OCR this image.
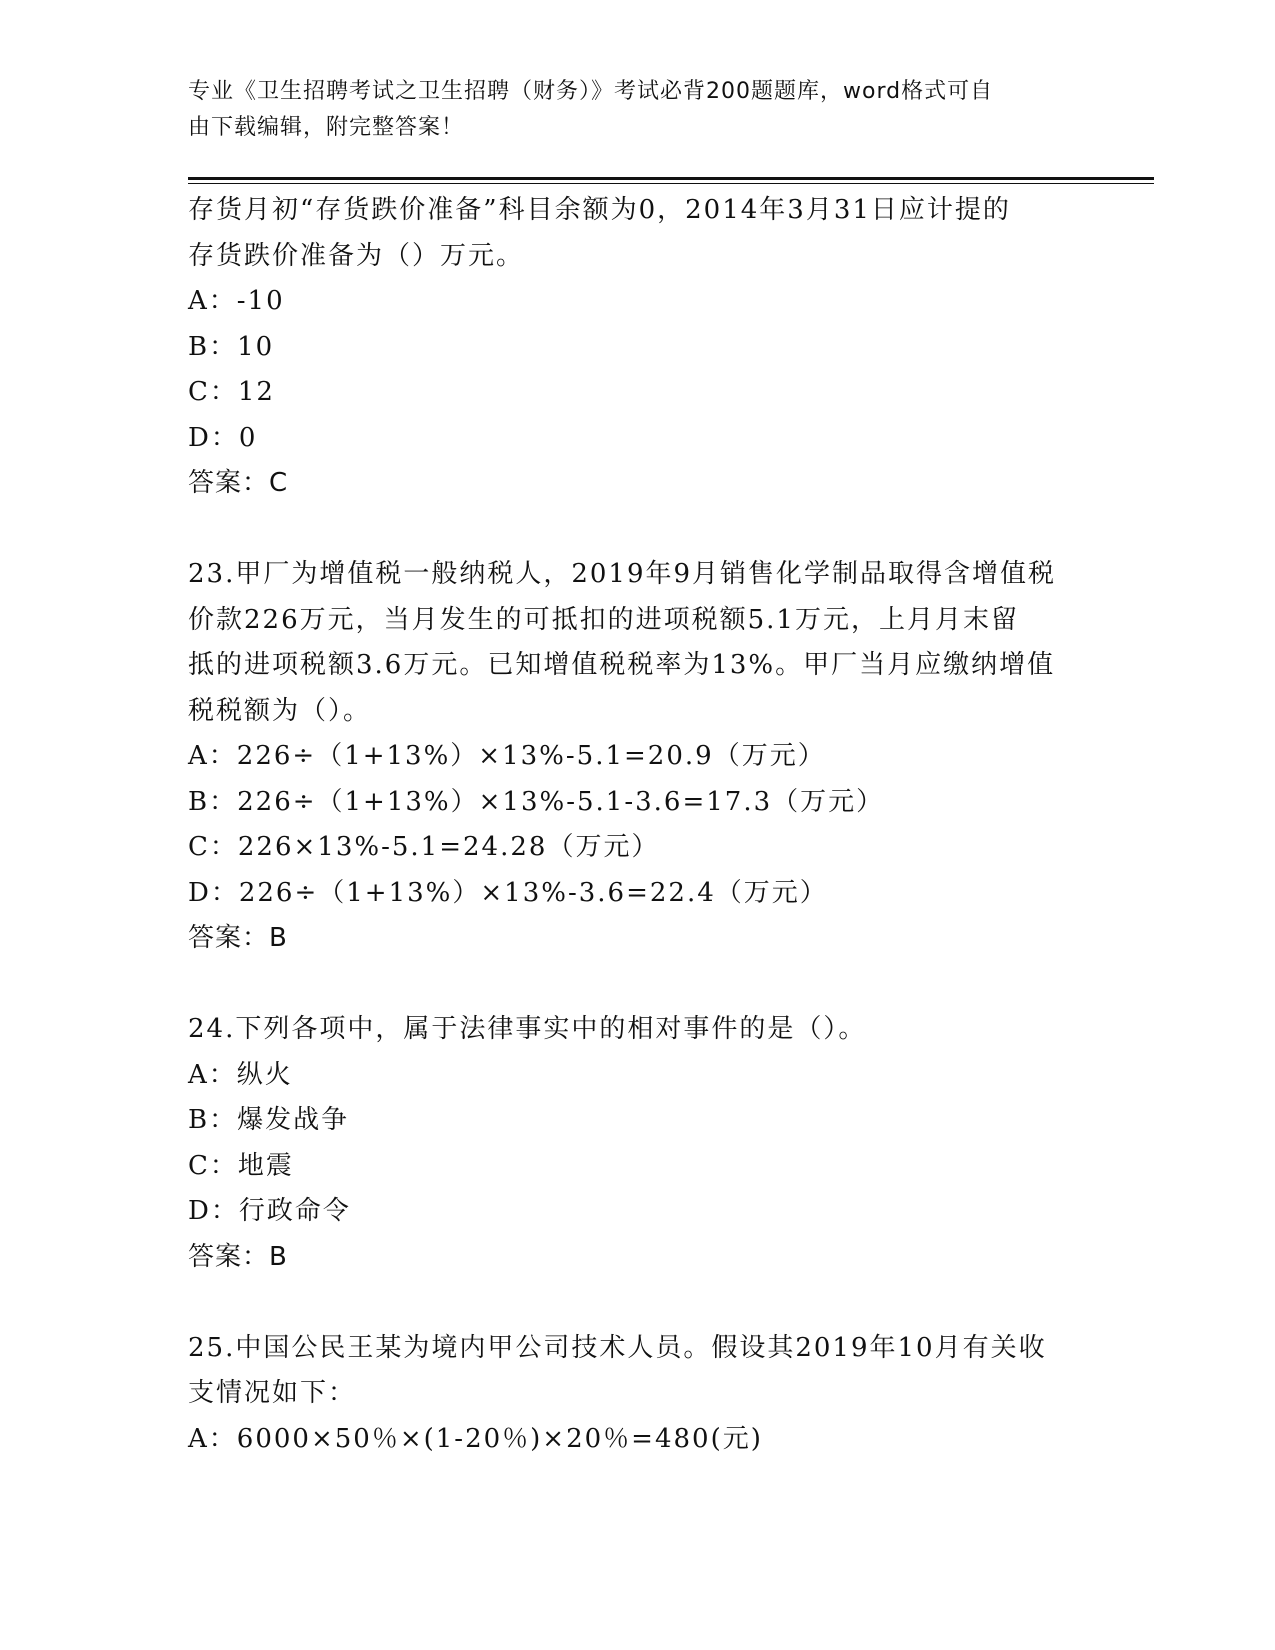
专业《卫生招聘考试之卫生招聘（财务）》考试必背200题题库，word格式可自
由下载编辑，附完整答案！
存货月初“存货跌价准备”科目余额为0，2014年3月31日应计提的
存货跌价准备为（）万元。
A：-10
B：10
C：12
D：0
答案：C
23.甲厂为增值税一般纳税人，2019年9月销售化学制品取得含增值税
价款226万元，当月发生的可抵扣的进项税额5.1万元，上月月末留
抵的进项税额3.6万元。已知增值税税率为13%。甲厂当月应缴纳增值
税税额为（）。
A：226÷（1+13%）×13%-5.1=20.9（万元）
B：226÷（1+13%）×13%-5.1-3.6=17.3（万元）
C：226×13%-5.1=24.28（万元）
D：226÷（1+13%）×13%-3.6=22.4（万元）
答案：B
24.下列各项中，属于法律事实中的相对事件的是（）。
A：纵火
B：爆发战争
C：地震
D：行政命令
答案：B
25.中国公民王某为境内甲公司技术人员。假设其2019年10月有关收
支情况如下：
A：6000×50％×(1-20％)×20％=480(元)
